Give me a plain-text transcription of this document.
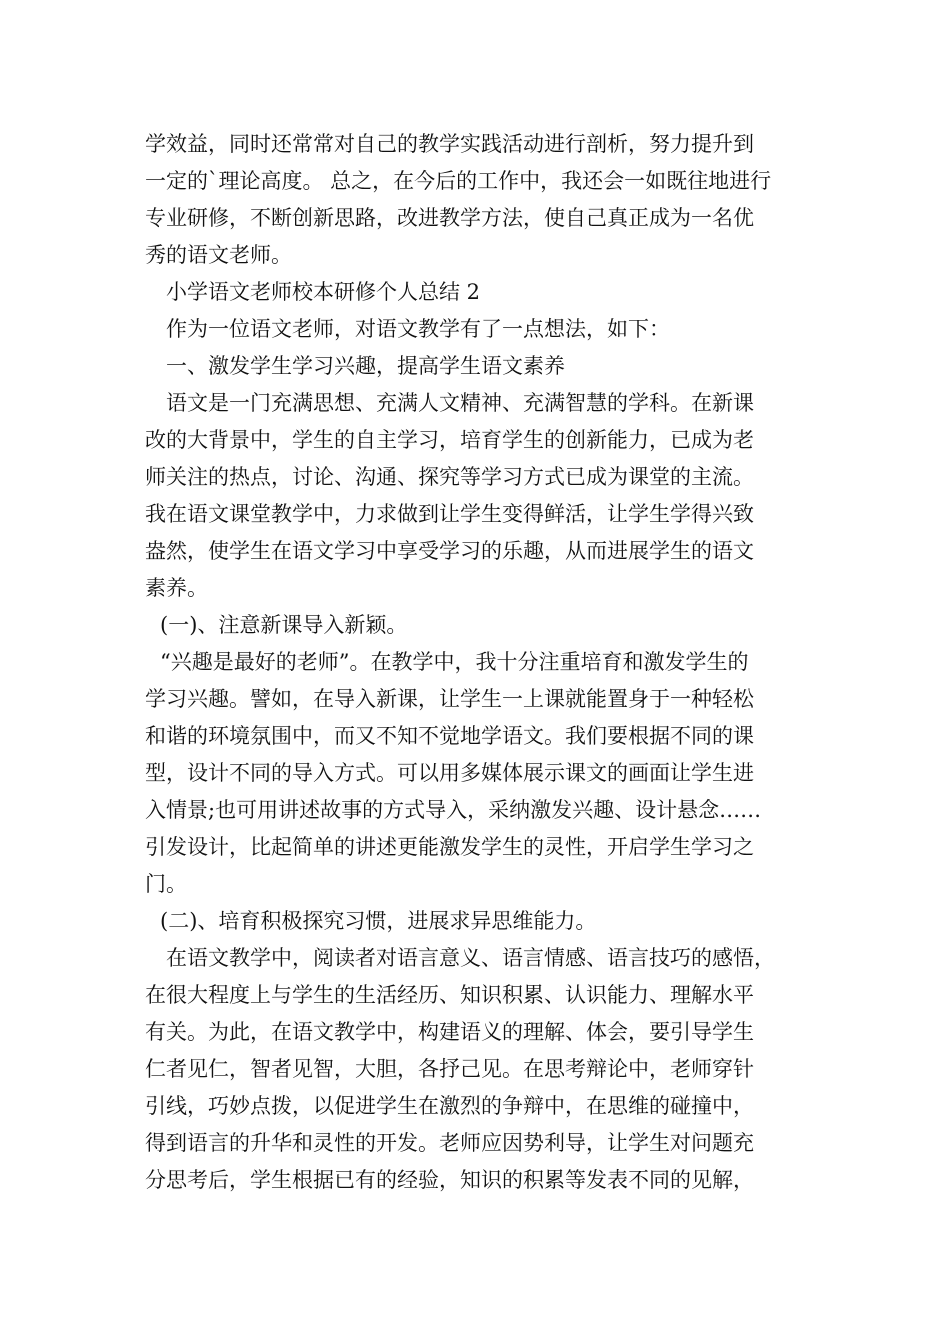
学效益，同时还常常对自己的教学实践活动进行剖析，努力提升到
一定的`理论高度。 总之，在今后的工作中，我还会一如既往地进行
专业研修，不断创新思路，改进教学方法，使自己真正成为一名优
秀的语文老师。
小学语文老师校本研修个人总结 2
作为一位语文老师，对语文教学有了一点想法，如下：
一、激发学生学习兴趣，提高学生语文素养
语文是一门充满思想、充满人文精神、充满智慧的学科。在新课
改的大背景中，学生的自主学习，培育学生的创新能力，已成为老
师关注的热点，讨论、沟通、探究等学习方式已成为课堂的主流。
我在语文课堂教学中，力求做到让学生变得鲜活，让学生学得兴致
盎然，使学生在语文学习中享受学习的乐趣，从而进展学生的语文
素养。
(一)、注意新课导入新颖。
“兴趣是最好的老师”。在教学中，我十分注重培育和激发学生的
学习兴趣。譬如，在导入新课，让学生一上课就能置身于一种轻松
和谐的环境氛围中，而又不知不觉地学语文。我们要根据不同的课
型，设计不同的导入方式。可以用多媒体展示课文的画面让学生进
入情景;也可用讲述故事的方式导入，采纳激发兴趣、设计悬念……
引发设计，比起简单的讲述更能激发学生的灵性，开启学生学习之
门。
(二)、培育积极探究习惯，进展求异思维能力。
在语文教学中，阅读者对语言意义、语言情感、语言技巧的感悟，
在很大程度上与学生的生活经历、知识积累、认识能力、理解水平
有关。为此，在语文教学中，构建语义的理解、体会，要引导学生
仁者见仁，智者见智，大胆，各抒己见。在思考辩论中，老师穿针
引线，巧妙点拨，以促进学生在激烈的争辩中，在思维的碰撞中，
得到语言的升华和灵性的开发。老师应因势利导，让学生对问题充
分思考后，学生根据已有的经验，知识的积累等发表不同的见解，
